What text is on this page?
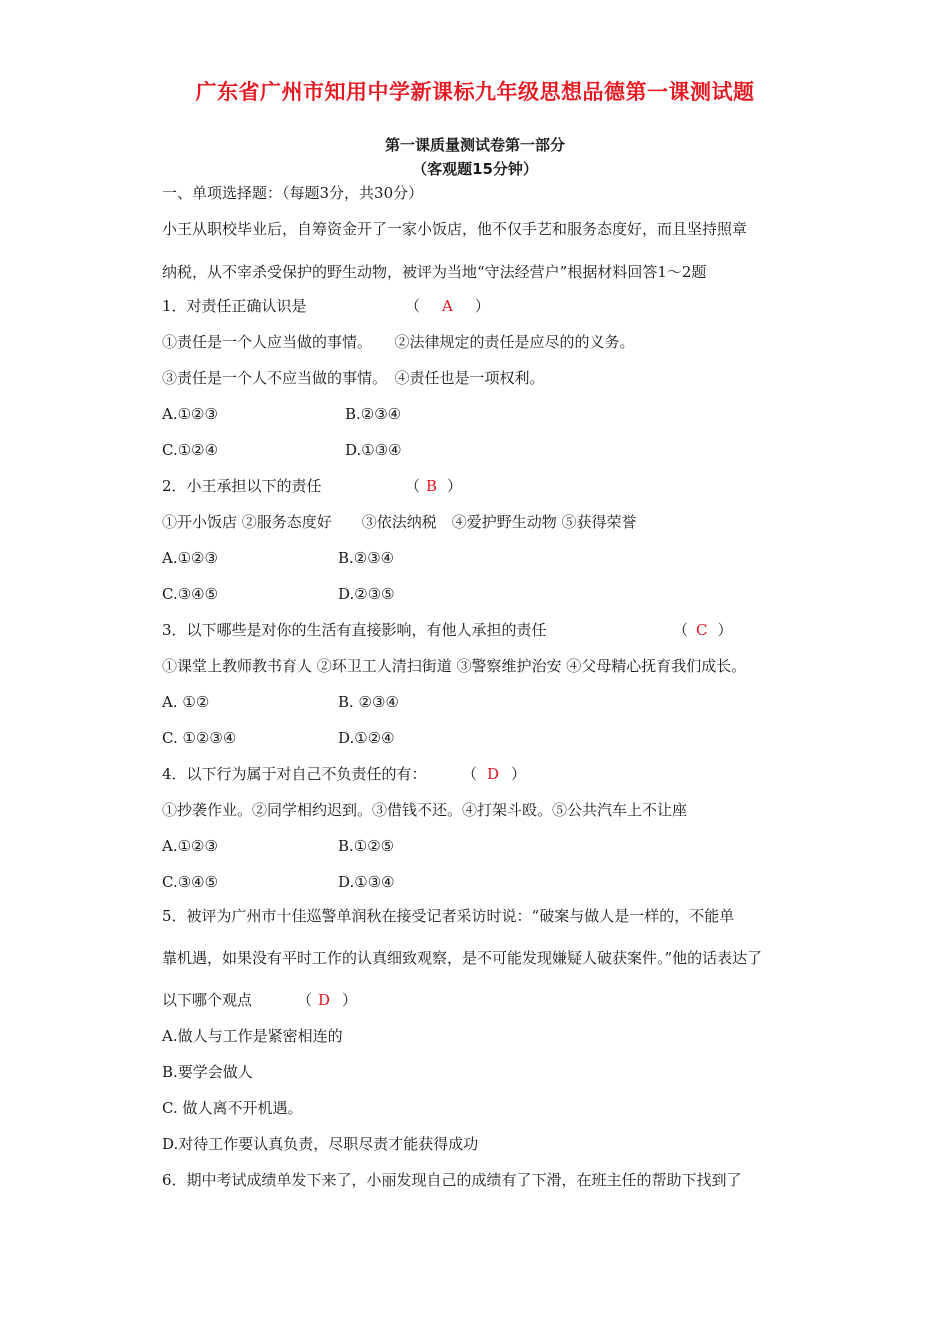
广东省广州市知用中学新课标九年级思想品德第一课测试题
第一课质量测试卷第一部分
（客观题15分钟）
一、单项选择题：（每题3分，共30分）
小王从职校毕业后，自筹资金开了一家小饭店，他不仅手艺和服务态度好，而且坚持照章
纳税，从不宰杀受保护的野生动物，被评为当地“守法经营户”根据材料回答1～2题
1．对责任正确认识是	（ A ）
①责任是一个人应当做的事情。　　②法律规定的责任是应尽的的义务。
③责任是一个人不应当做的事情。　④责任也是一项权利。
A.①②③	B.②③④
C.①②④	D.①③④
2．小王承担以下的责任	（ B ）
①开小饭店 ②服务态度好　　③依法纳税　④爱护野生动物 ⑤获得荣誉
A.①②③	B.②③④
C.③④⑤	D.②③⑤
3．以下哪些是对你的生活有直接影响，有他人承担的责任	（ C ）
①课堂上教师教书育人 ②环卫工人清扫街道 ③警察维护治安 ④父母精心抚育我们成长。
A. ①②	B. ②③④
C. ①②③④	D.①②④
4．以下行为属于对自己不负责任的有： （ D ）
①抄袭作业。②同学相约迟到。③借钱不还。④打架斗殴。⑤公共汽车上不让座
A.①②③	B.①②⑤
C.③④⑤	D.①③④
5．被评为广州市十佳巡警单润秋在接受记者采访时说：“破案与做人是一样的，不能单
靠机遇，如果没有平时工作的认真细致观察，是不可能发现嫌疑人破获案件。”他的话表达了
以下哪个观点	（ D ）
A.做人与工作是紧密相连的
B.要学会做人
C. 做人离不开机遇。
D.对待工作要认真负责，尽职尽责才能获得成功
6．期中考试成绩单发下来了，小丽发现自己的成绩有了下滑，在班主任的帮助下找到了
